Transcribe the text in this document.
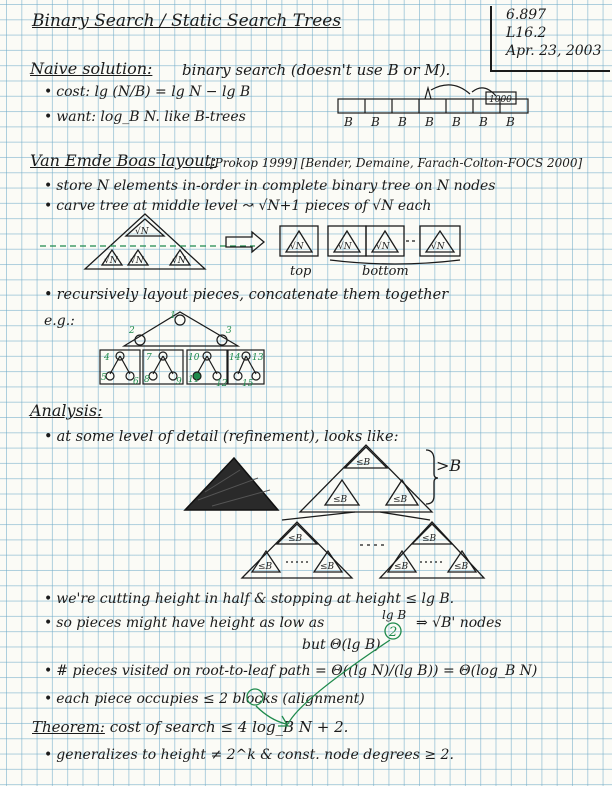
Binary Search / Static Search Trees	6.897
L16.2
Apr. 23, 2003
Naive solution: binary search (doesn't use B or M).
• cost: lg (N/B) = lg N − lg B
• want: log_B N. like B-trees
Van Emde Boas layout:
[Prokop 1999] [Bender, Demaine, Farach-Colton-FOCS 2000]
• store N elements in-order in complete binary tree on N nodes
• carve tree at middle level ↝ √N+1 pieces of √N each
top	bottom
• recursively layout pieces, concatenate them together
e.g.:
Analysis:
• at some level of detail (refinement), looks like:
>B
• we're cutting height in half & stopping at height ≤ lg B.
• so pieces might have height as low as	lg B
2
⇒ √B' nodes
but Θ(lg B)
• # pieces visited on root-to-leaf path = Θ((lg N)/(lg B)) = Θ(log_B N)
• each piece occupies ≤ 2 blocks (alignment)
Theorem: cost of search ≤ 4 log_B N + 2.
• generalizes to height ≠ 2^k & const. node degrees ≥ 2.
B B B B B B B
1000
√N
√N √N	√N
√N	√N	√N	√N
1
2	3
4
5	6
7
8	9
10
11 12
13
14
15
≤B
≤B	≤B
≤B
≤B	≤B
≤B
≤B	≤B
